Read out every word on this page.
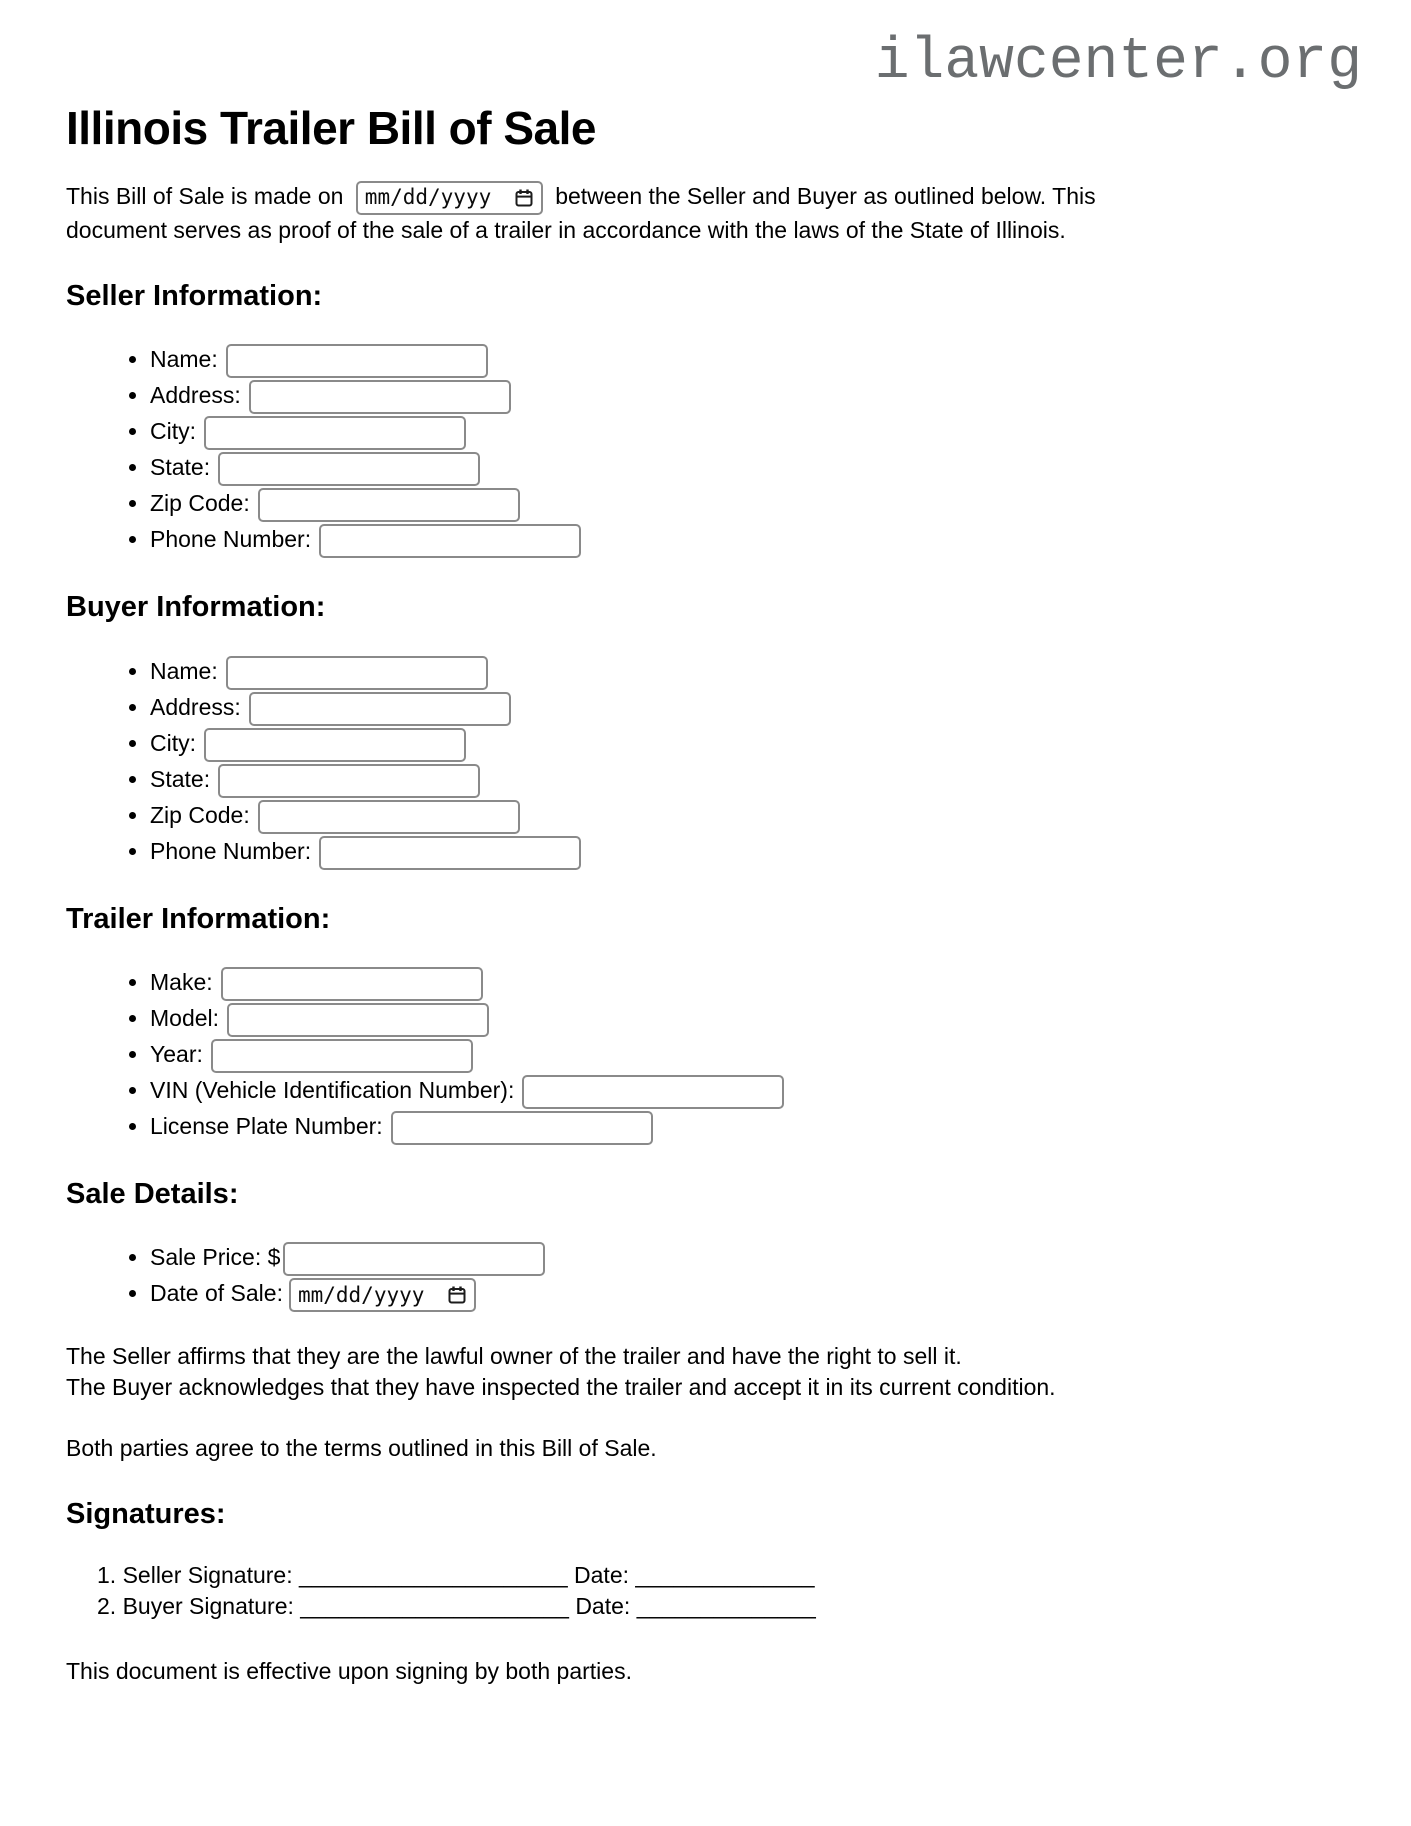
ilawcenter.org
Illinois Trailer Bill of Sale

This Bill of Sale is made on mm/dd/yyyy	between the Seller and Buyer as outlined below. This document serves as proof of the sale of a trailer in accordance with the laws of the State of Illinois.

Seller Information:
• Name:
• Address:
• City:
• State:
• Zip Code:
• Phone Number:
Buyer Information:
• Name:
• Address:
• City:
• State:
• Zip Code:
• Phone Number:
Trailer Information:
• Make:
• Model:
• Year:
• VIN (Vehicle Identification Number):
• License Plate Number:
Sale Details:
• Sale Price: $
• Date of Sale: mm/dd/yyyy

The Seller affirms that they are the lawful owner of the trailer and have the right to sell it.
The Buyer acknowledges that they have inspected the trailer and accept it in its current condition.

Both parties agree to the terms outlined in this Bill of Sale.

Signatures:
1. Seller Signature: _____________________ Date: ______________
2. Buyer Signature: _____________________ Date: ______________

This document is effective upon signing by both parties.
